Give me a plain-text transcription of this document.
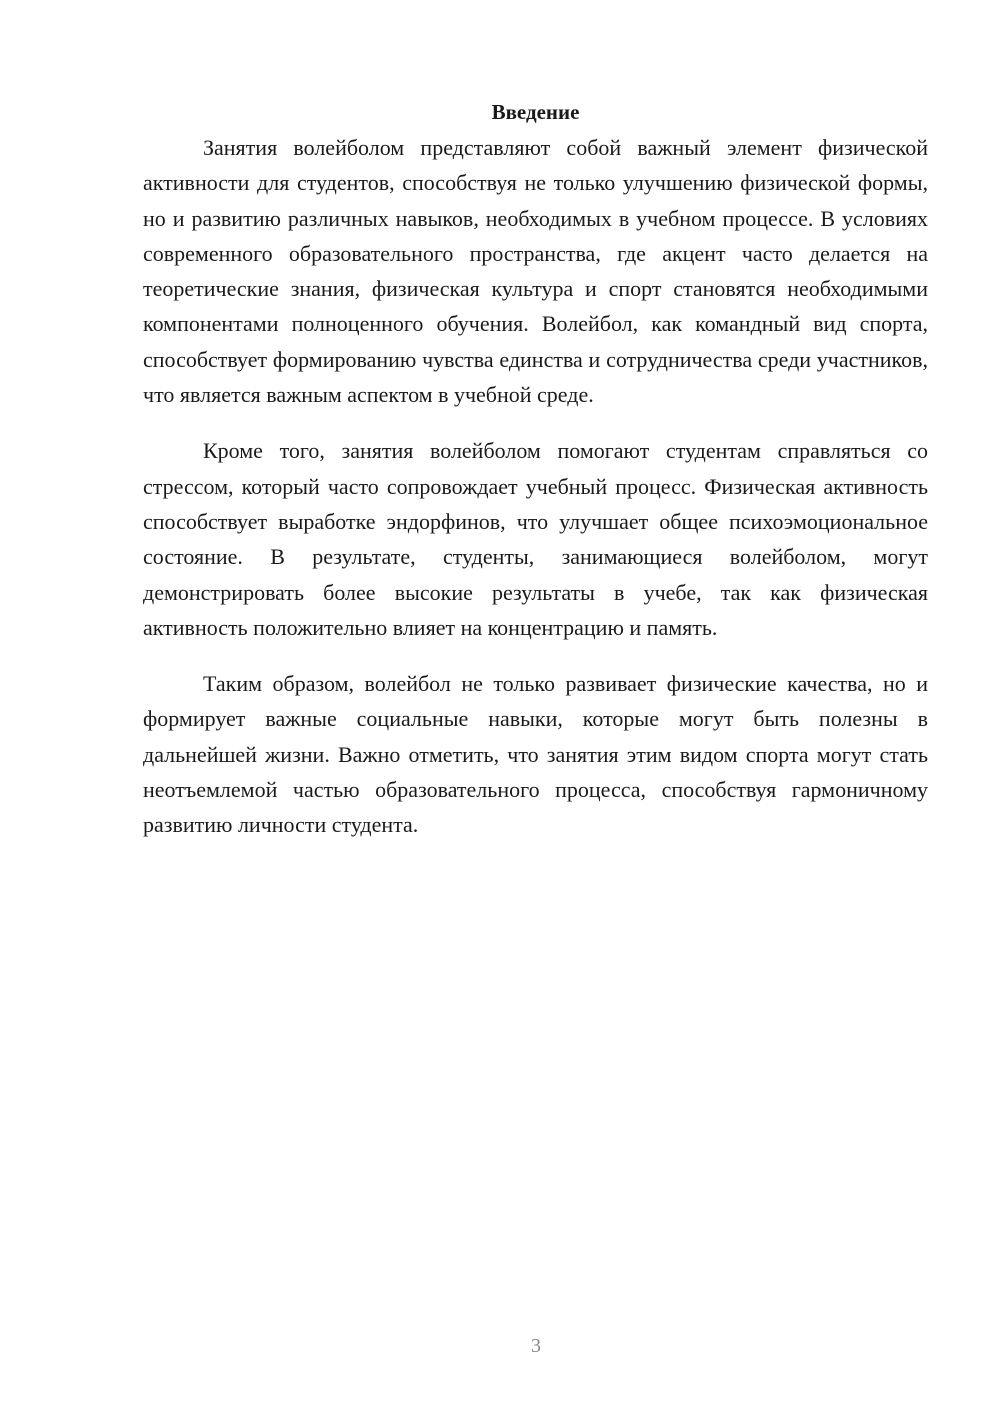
Введение

Занятия волейболом представляют собой важный элемент физической активности для студентов, способствуя не только улучшению физической формы, но и развитию различных навыков, необходимых в учебном процессе. В условиях современного образовательного пространства, где акцент часто делается на теоретические знания, физическая культура и спорт становятся необходимыми компонентами полноценного обучения. Волейбол, как командный вид спорта, способствует формированию чувства единства и сотрудничества среди участников, что является важным аспектом в учебной среде.

Кроме того, занятия волейболом помогают студентам справляться со стрессом, который часто сопровождает учебный процесс. Физическая активность способствует выработке эндорфинов, что улучшает общее психоэмоциональное состояние. В результате, студенты, занимающиеся волейболом, могут демонстрировать более высокие результаты в учебе, так как физическая активность положительно влияет на концентрацию и память.

Таким образом, волейбол не только развивает физические качества, но и формирует важные социальные навыки, которые могут быть полезны в дальнейшей жизни. Важно отметить, что занятия этим видом спорта могут стать неотъемлемой частью образовательного процесса, способствуя гармоничному развитию личности студента.

3
